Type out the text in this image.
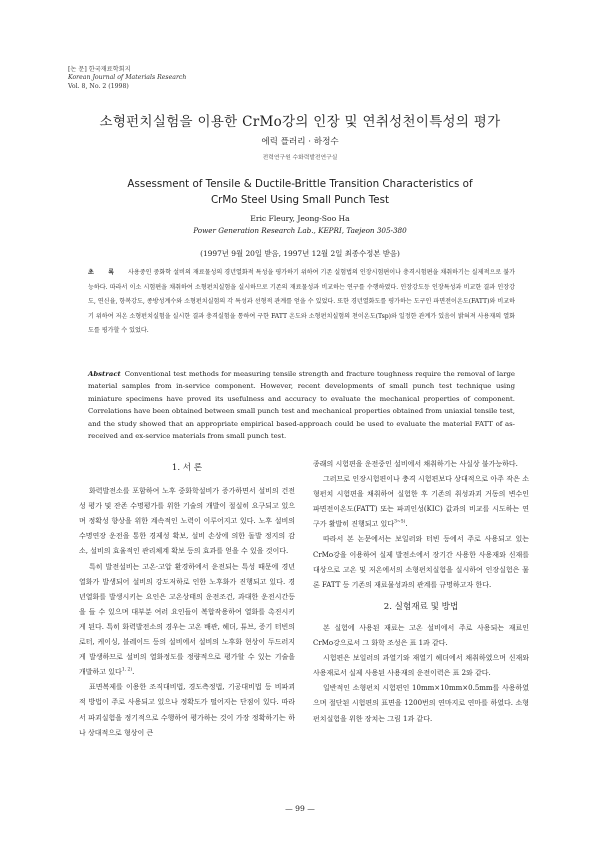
[논 문] 한국재료학회지
Korean Journal of Materials Research
Vol. 8, No. 2 (1998)
소형펀치실험을 이용한 CrMo강의 인장 및 연취성천이특성의 평가
에릭 플러리 · 하정수
전력연구원 수화력발전연구실
Assessment of Tensile & Ductile-Brittle Transition Characteristics of
CrMo Steel Using Small Punch Test
Eric Fleury, Jeong-Soo Ha
Power Generation Research Lab., KEPRI, Taejeon 305-380
(1997년 9월 20일 받음, 1997년 12월 2일 최종수정본 받음)
초 록 사용중인 중화학 설비의 재료물성의 경년열화적 특성을 평가하기 위하여 기존 실험법의 인장시험편이나 충격시험편을 채취하기는 실제적으로 불가능하다. 따라서 이소 시험편을 채취하여 소형펀치실험을 실시하므로 기존의 재료물성과 비교하는 연구를 수행하였다. 인장강도등 인장특성과 비교한 결과 인장강도, 연신율, 항복강도, 종방성계수와 소형펀치실험의 각 특성과 선형적 관계를 얻을 수 있었다. 또한 경년열화도를 평가하는 도구인 파면전이온도(FATT)와 비교하기 위하여 저온 소형펀치실험을 실시한 결과 충격실험을 통하여 구한 FATT 온도와 소형펀치실험의 천이온도(Tsp)와 일정한 관계가 있음이 밝혀져 사용재의 열화도를 평가할 수 있었다.
Abstract Conventional test methods for measuring tensile strength and fracture toughness require the removal of large material samples from in-service component. However, recent developments of small punch test technique using miniature specimens have proved its usefulness and accuracy to evaluate the mechanical properties of component. Correlations have been obtained between small punch test and mechanical properties obtained from uniaxial tensile test, and the study showed that an appropriate empirical based-approach could be used to evaluate the material FATT of as-received and ex-service materials from small punch test.
1. 서 론

화력발전소를 포함하여 노후 중화학설비가 증가하면서 설비의 건전성 평가 및 잔존 수명평가를 위한 기술의 개발이 절실히 요구되고 있으며 정확성 향상을 위한 계속적인 노력이 이루어지고 있다. 노후 설비의 수명연장 운전을 통한 경제성 확보, 설비 손상에 의한 돌발 정지의 감소, 설비의 효율적인 관리체계 확보 등의 효과를 얻을 수 있을 것이다.

특히 발전설비는 고온·고압 환경하에서 운전되는 특성 때문에 경년열화가 발생되어 설비의 강도저하로 인한 노후화가 진행되고 있다. 경년열화를 발생시키는 요인은 고온상태의 운전조건, 과대한 운전시간등을 들 수 있으며 대부분 여러 요인들이 복합작용하여 열화를 촉진시키게 된다. 특히 화력발전소의 경우는 고온 배관, 헤더, 튜브, 증기 터빈의 로터, 케이싱, 블레이드 등의 설비에서 설비의 노후화 현상이 두드러지게 발생하므로 설비의 열화정도를 정량적으로 평가할 수 있는 기술을 개발하고 있다$^{1, 2)}$.

표면복제를 이용한 조직대비법, 경도측정법, 기공대비법 등 비파괴적 방법이 주로 사용되고 있으나 정확도가 떨어지는 단점이 있다. 따라서 파괴실험을 정기적으로 수행하여 평가하는 것이 가장 정확하기는 하나 상대적으로 형상이 큰

종래의 시험편을 운전중인 설비에서 채취하기는 사실상 불가능하다.

그러므로 인장시험편이나 충격 시험편보다 상대적으로 아주 작은 소형펀치 시험편을 채취하여 실험한 후 기존의 취성과괴 거동의 변수인 파면전이온도(FATT) 또는 파괴인성(KIC) 값과의 비교를 시도하는 연구가 활발히 진행되고 있다$^{3\sim 5)}$.

따라서 본 논문에서는 보일러와 터빈 등에서 주로 사용되고 있는 CrMo강을 이용하여 실제 발전소에서 장기간 사용한 사용재와 신재를 대상으로 고온 및 저온에서의 소형펀치실험을 실시하여 인장실험은 물론 FATT 등 기존의 재료물성과의 관계를 규명하고자 한다.

2. 실험재료 및 방법

본 실험에 사용된 재료는 고온 설비에서 주로 사용되는 재료인 CrMo강으로서 그 화학 조성은 표 1과 같다.

시험편은 보일러의 과열기와 재열기 헤더에서 채취하였으며 신재와 사용재로서 실제 사용된 사용재의 운전이력은 표 2와 같다.

일반적인 소형펀치 시험편인 10mm×10mm×0.5mm를 사용하였으며 절단된 시험편의 표면을 1200번의 연마지로 연마를 하였다. 소형펀치실험을 위한 장치는 그림 1과 같다.

— 99 —
